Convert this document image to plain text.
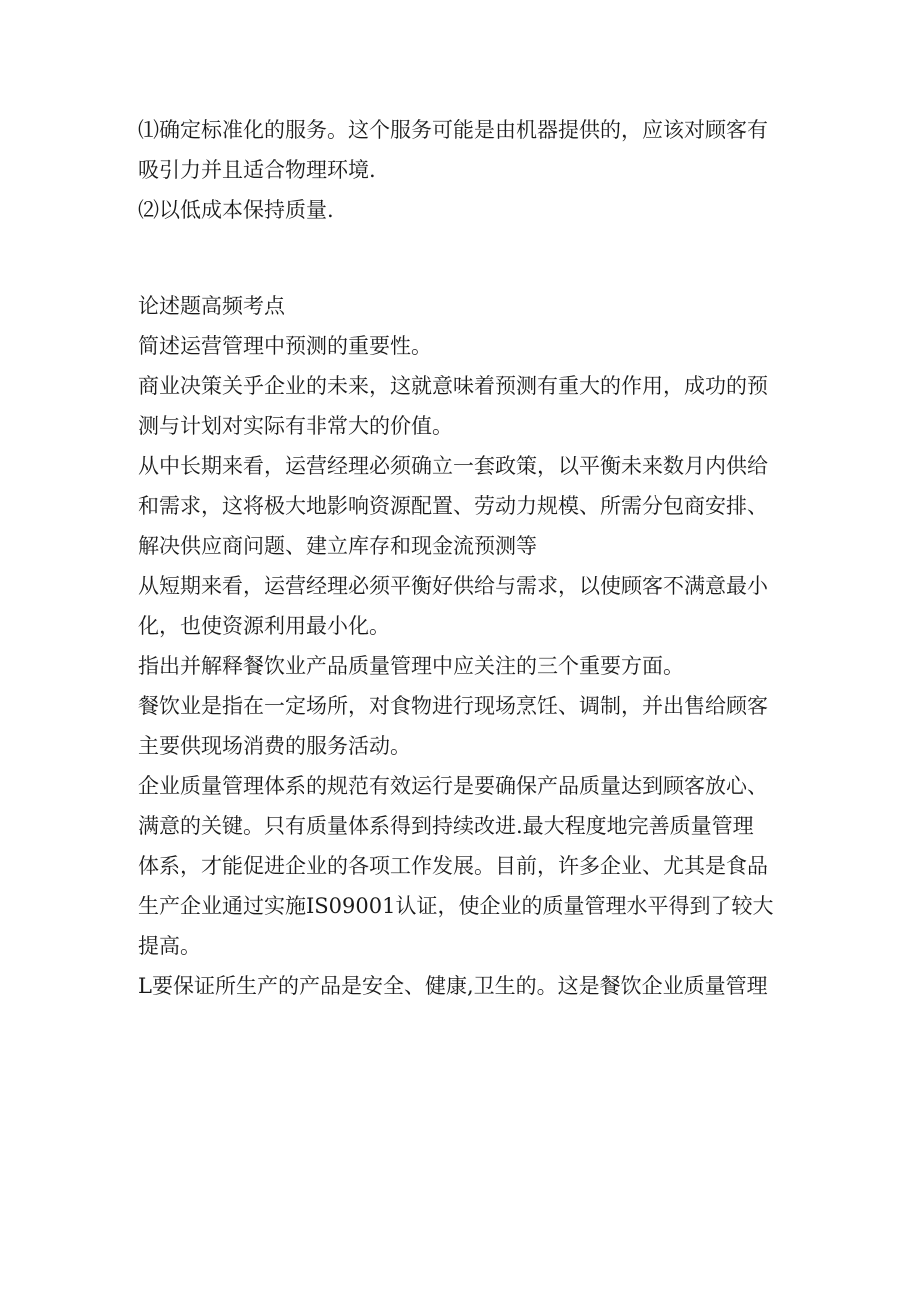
⑴确定标准化的服务。这个服务可能是由机器提供的，应该对顾客有
吸引力并且适合物理环境.
⑵以低成本保持质量.
论述题高频考点
简述运营管理中预测的重要性。
商业决策关乎企业的未来，这就意味着预测有重大的作用，成功的预
测与计划对实际有非常大的价值。
从中长期来看，运营经理必须确立一套政策，以平衡未来数月内供给
和需求，这将极大地影响资源配置、劳动力规模、所需分包商安排、
解决供应商问题、建立库存和现金流预测等
从短期来看，运营经理必须平衡好供给与需求，以使顾客不满意最小
化，也使资源利用最小化。
指出并解释餐饮业产品质量管理中应关注的三个重要方面。
餐饮业是指在一定场所，对食物进行现场烹饪、调制，并出售给顾客
主要供现场消费的服务活动。
企业质量管理体系的规范有效运行是要确保产品质量达到顾客放心、
满意的关键。只有质量体系得到持续改进.最大程度地完善质量管理
体系，才能促进企业的各项工作发展。目前，许多企业、尤其是食品
生产企业通过实施IS09001认证，使企业的质量管理水平得到了较大
提高。
L要保证所生产的产品是安全、健康,卫生的。这是餐饮企业质量管理
